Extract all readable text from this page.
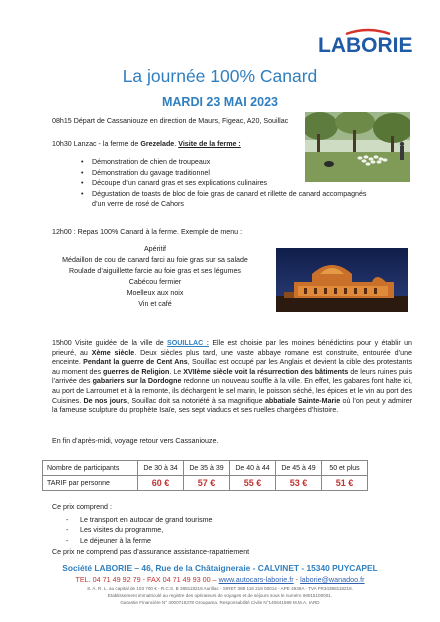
LABORIE
La journée 100% Canard
MARDI 23 MAI 2023
08h15 Départ de Cassaniouze en direction de Maurs, Figeac, A20, Souillac
10h30 Lanzac - la ferme de Grezelade. Visite de la ferme :
• Démonstration de chien de troupeaux
• Démonstration du gavage traditionnel
• Découpe d’un canard gras et ses explications culinaires
• Dégustation de toasts de bloc de foie gras de canard et rillette de canard accompagnés
d’un verre de rosé de Cahors
12h00 : Repas 100% Canard à la ferme. Exemple de menu :
Apéritif
Médaillon de cou de canard farci au foie gras sur sa salade
Roulade d’aiguillette farcie au foie gras et ses légumes
Cabécou fermier
Moelleux aux noix
Vin et café
15h00 Visite guidée de la ville de SOUILLAC : Elle est choisie par les moines bénédictins pour y établir un prieuré, au Xème siècle. Deux siècles plus tard, une vaste abbaye romane est construite, entourée d’une enceinte. Pendant la guerre de Cent Ans, Souillac est occupé par les Anglais et devient la cible des protestants au moment des guerres de Religion. Le XVIIème siècle voit la résurrection des bâtiments de leurs ruines puis l’arrivée des gabariers sur la Dordogne redonne un nouveau souffle à la ville. En effet, les gabares font halte ici, au port de Larroumet et à la remonte, ils déchargent le sel marin, le poisson séché, les épices et le vin au port des Cuisines. De nos jours, Souillac doit sa notoriété à sa magnifique abbatiale Sainte-Marie où l’on peut y admirer la fameuse sculpture du prophète Isaïe, ses sept viaducs et ses ruelles chargées d’histoire.
En fin d’après-midi, voyage retour vers Cassaniouze.
Nombre de participants	De 30 à 34	De 35 à 39	De 40 à 44	De 45 à 49	50 et plus
TARIF par personne	60 €	57 €	55 €	53 €	51 €
Ce prix comprend :
- Le transport en autocar de grand tourisme
- Les visites du programme,
- Le déjeuner à la ferme
Ce prix ne comprend pas d’assurance assistance-rapatriement
Société LABORIE – 46, Rue de la Châtaigneraie - CALVINET - 15340 PUYCAPEL
TEL. 04 71 49 92 79 - FAX 04 71 49 93 00 – www.autocars-laborie.fr - laborie@wanadoo.fr
S. A. R. L. au capital de 103 700 € - R.C.S. B 388118218 Aurillac - SIRET 388 118 218 00014 - APE 4939A - TVA FR34388118218.
Etablissement immatriculé au registre des opérateurs de voyages et de séjours sous le numéro IM015100001.
Garantie Financière N° 4000715378 Groupama. Responsabilité Civile N°140641589 M.M.A. IARD
